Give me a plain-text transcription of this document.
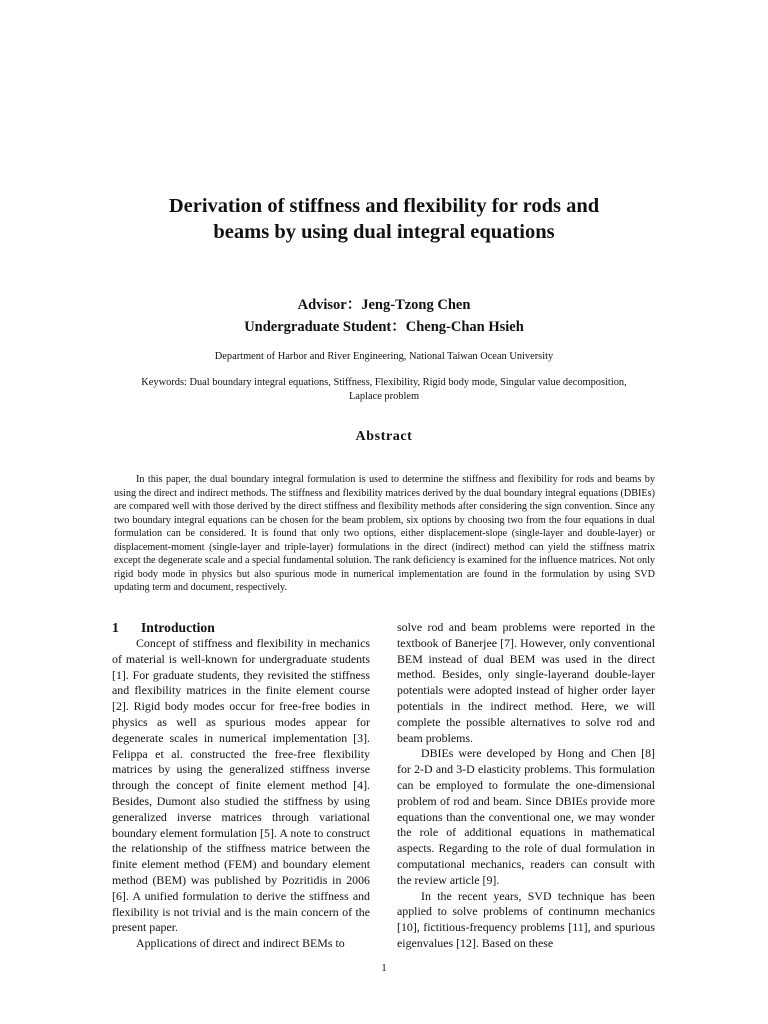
Derivation of stiffness and flexibility for rods and
beams by using dual integral equations
Advisor：Jeng-Tzong Chen
Undergraduate Student：Cheng-Chan Hsieh
Department of Harbor and River Engineering, National Taiwan Ocean University
Keywords: Dual boundary integral equations, Stiffness, Flexibility, Rigid body mode, Singular value decomposition, Laplace problem
Abstract

In this paper, the dual boundary integral formulation is used to determine the stiffness and flexibility for rods and beams by using the direct and indirect methods. The stiffness and flexibility matrices derived by the dual boundary integral equations (DBIEs) are compared well with those derived by the direct stiffness and flexibility methods after considering the sign convention. Since any two boundary integral equations can be chosen for the beam problem, six options by choosing two from the four equations in dual formulation can be considered. It is found that only two options, either displacement-slope (single-layer and double-layer) or displacement-moment (single-layer and triple-layer) formulations in the direct (indirect) method can yield the stiffness matrix except the degenerate scale and a special fundamental solution. The rank deficiency is examined for the influence matrices. Not only rigid body mode in physics but also spurious mode in numerical implementation are found in the formulation by using SVD updating term and document, respectively.

1	Introduction

Concept of stiffness and flexibility in mechanics of material is well-known for undergraduate students [1]. For graduate students, they revisited the stiffness and flexibility matrices in the finite element course [2]. Rigid body modes occur for free-free bodies in physics as well as spurious modes appear for degenerate scales in numerical implementation [3]. Felippa et al. constructed the free-free flexibility matrices by using the generalized stiffness inverse through the concept of finite element method [4]. Besides, Dumont also studied the stiffness by using generalized inverse matrices through variational boundary element formulation [5]. A note to construct the relationship of the stiffness matrice between the finite element method (FEM) and boundary element method (BEM) was published by Pozritidis in 2006 [6]. A unified formulation to derive the stiffness and flexibility is not trivial and is the main concern of the present paper.

Applications of direct and indirect BEMs to

solve rod and beam problems were reported in the textbook of Banerjee [7]. However, only conventional BEM instead of dual BEM was used in the direct method. Besides, only single-layerand double-layer potentials were adopted instead of higher order layer potentials in the indirect method. Here, we will complete the possible alternatives to solve rod and beam problems.

DBIEs were developed by Hong and Chen [8] for 2-D and 3-D elasticity problems. This formulation can be employed to formulate the one-dimensional problem of rod and beam. Since DBIEs provide more equations than the conventional one, we may wonder the role of additional equations in mathematical aspects. Regarding to the role of dual formulation in computational mechanics, readers can consult with the review article [9].

In the recent years, SVD technique has been applied to solve problems of continumn mechanics [10], fictitious-frequency problems [11], and spurious eigenvalues [12]. Based on these

1
